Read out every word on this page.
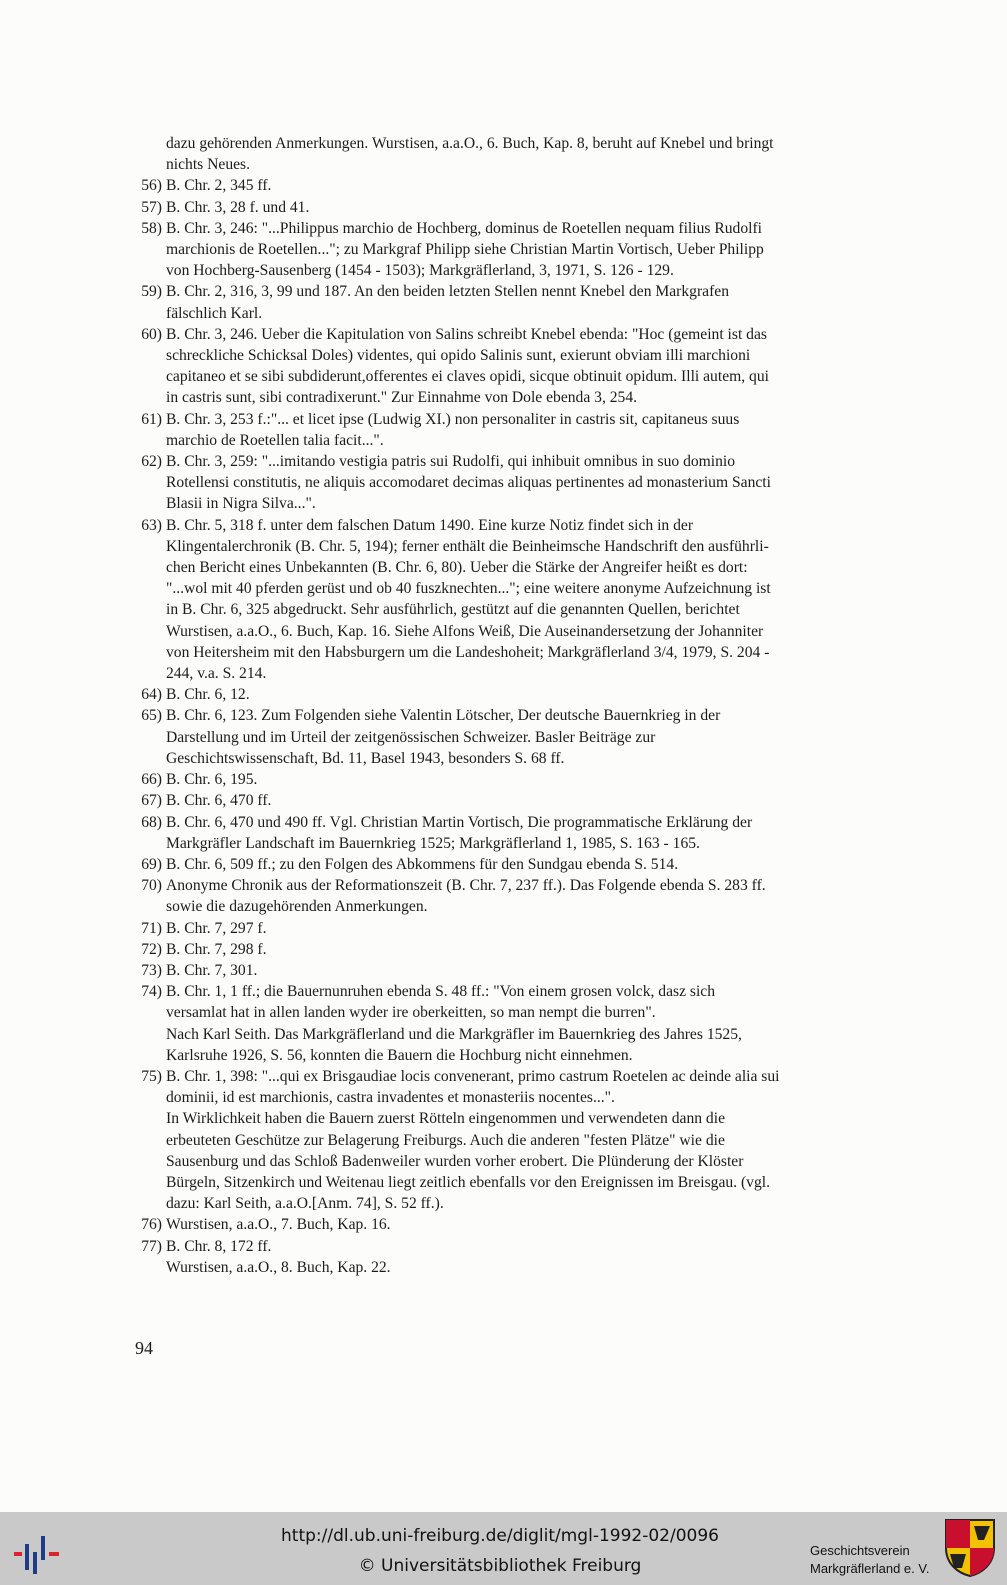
dazu gehörenden Anmerkungen. Wurstisen, a.a.O., 6. Buch, Kap. 8, beruht auf Knebel und bringt
nichts Neues.
56) B. Chr. 2, 345 ff.
57) B. Chr. 3, 28 f. und 41.
58) B. Chr. 3, 246: "...Philippus marchio de Hochberg, dominus de Roetellen nequam filius Rudolfi
marchionis de Roetellen..."; zu Markgraf Philipp siehe Christian Martin Vortisch, Ueber Philipp
von Hochberg-Sausenberg (1454 - 1503); Markgräflerland, 3, 1971, S. 126 - 129.
59) B. Chr. 2, 316, 3, 99 und 187. An den beiden letzten Stellen nennt Knebel den Markgrafen
fälschlich Karl.
60) B. Chr. 3, 246. Ueber die Kapitulation von Salins schreibt Knebel ebenda: "Hoc (gemeint ist das
schreckliche Schicksal Doles) videntes, qui opido Salinis sunt, exierunt obviam illi marchioni
capitaneo et se sibi subdiderunt,offerentes ei claves opidi, sicque obtinuit opidum. Illi autem, qui
in castris sunt, sibi contradixerunt." Zur Einnahme von Dole ebenda 3, 254.
61) B. Chr. 3, 253 f.:"... et licet ipse (Ludwig XI.) non personaliter in castris sit, capitaneus suus
marchio de Roetellen talia facit...".
62) B. Chr. 3, 259: "...imitando vestigia patris sui Rudolfi, qui inhibuit omnibus in suo dominio
Rotellensi constitutis, ne aliquis accomodaret decimas aliquas pertinentes ad monasterium Sancti
Blasii in Nigra Silva...".
63) B. Chr. 5, 318 f. unter dem falschen Datum 1490. Eine kurze Notiz findet sich in der
Klingentalerchronik (B. Chr. 5, 194); ferner enthält die Beinheimsche Handschrift den ausführli-
chen Bericht eines Unbekannten (B. Chr. 6, 80). Ueber die Stärke der Angreifer heißt es dort:
"...wol mit 40 pferden gerüst und ob 40 fuszknechten..."; eine weitere anonyme Aufzeichnung ist
in B. Chr. 6, 325 abgedruckt. Sehr ausführlich, gestützt auf die genannten Quellen, berichtet
Wurstisen, a.a.O., 6. Buch, Kap. 16. Siehe Alfons Weiß, Die Auseinandersetzung der Johanniter
von Heitersheim mit den Habsburgern um die Landeshoheit; Markgräflerland 3/4, 1979, S. 204 -
244, v.a. S. 214.
64) B. Chr. 6, 12.
65) B. Chr. 6, 123. Zum Folgenden siehe Valentin Lötscher, Der deutsche Bauernkrieg in der
Darstellung und im Urteil der zeitgenössischen Schweizer. Basler Beiträge zur
Geschichtswissenschaft, Bd. 11, Basel 1943, besonders S. 68 ff.
66) B. Chr. 6, 195.
67) B. Chr. 6, 470 ff.
68) B. Chr. 6, 470 und 490 ff. Vgl. Christian Martin Vortisch, Die programmatische Erklärung der
Markgräfler Landschaft im Bauernkrieg 1525; Markgräflerland 1, 1985, S. 163 - 165.
69) B. Chr. 6, 509 ff.; zu den Folgen des Abkommens für den Sundgau ebenda S. 514.
70) Anonyme Chronik aus der Reformationszeit (B. Chr. 7, 237 ff.). Das Folgende ebenda S. 283 ff.
sowie die dazugehörenden Anmerkungen.
71) B. Chr. 7, 297 f.
72) B. Chr. 7, 298 f.
73) B. Chr. 7, 301.
74) B. Chr. 1, 1 ff.; die Bauernunruhen ebenda S. 48 ff.: "Von einem grosen volck, dasz sich
versamlat hat in allen landen wyder ire oberkeitten, so man nempt die burren".
Nach Karl Seith. Das Markgräflerland und die Markgräfler im Bauernkrieg des Jahres 1525,
Karlsruhe 1926, S. 56, konnten die Bauern die Hochburg nicht einnehmen.
75) B. Chr. 1, 398: "...qui ex Brisgaudiae locis convenerant, primo castrum Roetelen ac deinde alia sui
dominii, id est marchionis, castra invadentes et monasteriis nocentes...".
In Wirklichkeit haben die Bauern zuerst Rötteln eingenommen und verwendeten dann die
erbeuteten Geschütze zur Belagerung Freiburgs. Auch die anderen "festen Plätze" wie die
Sausenburg und das Schloß Badenweiler wurden vorher erobert. Die Plünderung der Klöster
Bürgeln, Sitzenkirch und Weitenau liegt zeitlich ebenfalls vor den Ereignissen im Breisgau. (vgl.
dazu: Karl Seith, a.a.O.[Anm. 74], S. 52 ff.).
76) Wurstisen, a.a.O., 7. Buch, Kap. 16.
77) B. Chr. 8, 172 ff.
Wurstisen, a.a.O., 8. Buch, Kap. 22.
94
http://dl.ub.uni-freiburg.de/diglit/mgl-1992-02/0096
© Universitätsbibliothek Freiburg
Geschichtsverein
Markgräflerland e. V.
